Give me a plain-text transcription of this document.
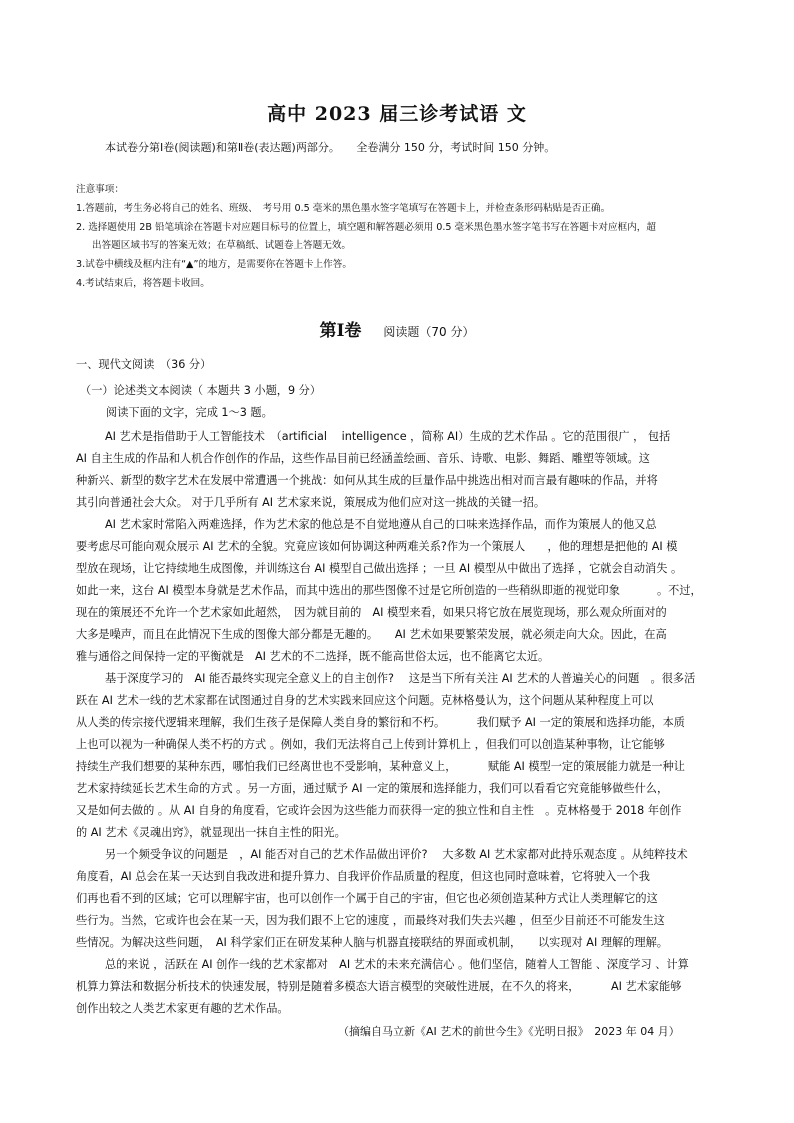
高中 2023 届三诊考试语 文
本试卷分第Ⅰ卷(阅读题)和第Ⅱ卷(表达题)两部分。　　全卷满分 150 分，考试时间 150 分钟。
注意事项：
1.答题前，考生务必将自己的姓名、班级、　考号用 0.5 毫米的黑色墨水签字笔填写在答题卡上，并检查条形码粘贴是否正确。
2. 选择题使用 2B 铅笔填涂在答题卡对应题目标号的位置上，填空题和解答题必须用 0.5 毫米黑色墨水签字笔书写在答题卡对应框内，超
出答题区域书写的答案无效；在草稿纸、试题卷上答题无效。
3.试卷中横线及框内注有“▲”的地方，是需要你在答题卡上作答。
4.考试结束后，将答题卡收回。
第Ⅰ卷 阅读题（70 分）
一、现代文阅读　（36 分）
（一）论述类文本阅读（ 本题共 3 小题，9 分）
阅读下面的文字，完成 1～3 题。
AI 艺术是指借助于人工智能技术　（artificial　 intelligence ，简称 AI）生成的艺术作品 。它的范围很广 ， 包括
AI 自主生成的作品和人机合作创作的作品，这些作品目前已经涵盖绘画、音乐、诗歌、电影、舞蹈、雕塑等领域。这
种新兴、新型的数字艺术在发展中常遭遇一个挑战：如何从其生成的巨量作品中挑选出相对而言最有趣味的作品，并将
其引向普通社会大众。 对于几乎所有 AI 艺术家来说，策展成为他们应对这一挑战的关键一招。
AI 艺术家时常陷入两难选择，作为艺术家的他总是不自觉地遵从自己的口味来选择作品，而作为策展人的他又总
要考虑尽可能向观众展示 AI 艺术的全貌。究竟应该如何协调这种两难关系?作为一个策展人　　，他的理想是把他的 AI 模
型放在现场，让它持续地生成图像，并训练这台 AI 模型自己做出选择 ；一旦 AI 模型从中做出了选择 ，它就会自动消失 。
如此一来，这台 AI 模型本身就是艺术作品，而其中选出的那些图像不过是它所创造的一些稍纵即逝的视觉印象　　　 。不过，
现在的策展还不允许一个艺术家如此超然，　因为就目前的　AI 模型来看，如果只将它放在展览现场，那么观众所面对的
大多是噪声，而且在此情况下生成的图像大部分都是无趣的。　　AI 艺术如果要繁荣发展，就必须走向大众。因此，在高
雅与通俗之间保持一定的平衡就是　AI 艺术的不二选择，既不能高世俗太远，也不能离它太近。
基于深度学习的　AI 能否最终实现完全意义上的自主创作?　 这是当下所有关注 AI 艺术的人普遍关心的问题　。很多活
跃在 AI 艺术一线的艺术家都在试图通过自身的艺术实践来回应这个问题。克林格曼认为，这个问题从某种程度上可以
从人类的传宗接代逻辑来理解，我们生孩子是保障人类自身的繁衍和不朽。　　　 我们赋予 AI 一定的策展和选择功能，本质
上也可以视为一种确保人类不朽的方式 。例如，我们无法将自己上传到计算机上 ，但我们可以创造某种事物，让它能够
持续生产我们想要的某种东西，哪怕我们已经离世也不受影响，某种意义上，　　　 赋能 AI 模型一定的策展能力就是一种让
艺术家持续延长艺术生命的方式 。另一方面，通过赋予 AI 一定的策展和选择能力，我们可以看看它究竟能够做些什么，
又是如何去做的 。从 AI 自身的角度看，它或许会因为这些能力而获得一定的独立性和自主性　。克林格曼于 2018 年创作
的 AI 艺术《灵魂出窍》，就显现出一抹自主性的阳光。
另一个频受争议的问题是　，AI 能否对自己的艺术作品做出评价?　 大多数 AI 艺术家都对此持乐观态度 。从纯粹技术
角度看，AI 总会在某一天达到自我改进和提升算力、自我评价作品质量的程度，但这也同时意味着，它将驶入一个我
们再也看不到的区域；它可以理解宇宙，也可以创作一个属于自己的宇宙，但它也必须创造某种方式让人类理解它的这
些行为。当然，它或许也会在某一天，因为我们跟不上它的速度 ，而最终对我们失去兴趣 ，但至少目前还不可能发生这
些情况。为解决这些问题，　AI 科学家们正在研发某种人脑与机器直接联结的界面或机制，　　以实现对 AI 理解的理解。
总的来说 ，活跃在 AI 创作一线的艺术家都对　AI 艺术的未来充满信心 。他们坚信，随着人工智能 、深度学习 、计算
机算力算法和数据分析技术的快速发展，特别是随着多模态大语言模型的突破性进展，在不久的将来，　　　 AI 艺术家能够
创作出较之人类艺术家更有趣的艺术作品。
（摘编自马立新《AI 艺术的前世今生》《光明日报》　2023 年 04 月）
